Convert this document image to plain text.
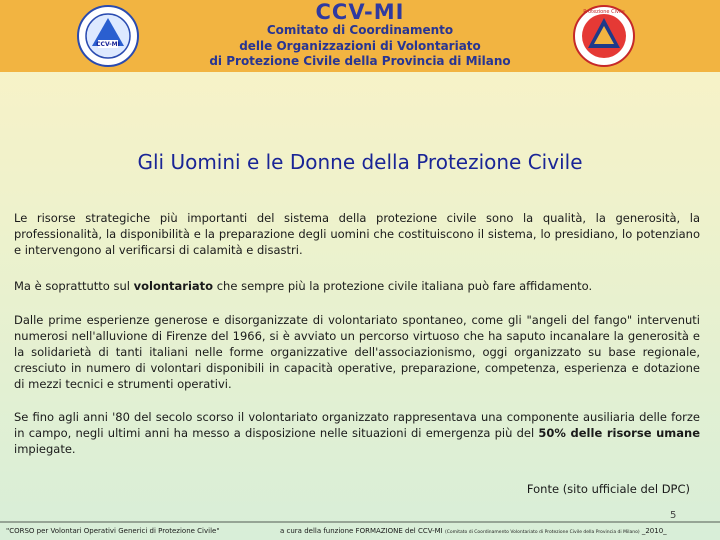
CCV-MI
CCV-MI
Comitato di Coordinamento
delle Organizzazioni di Volontariato
di Protezione Civile della Provincia di Milano
Protezione Civile
Gli Uomini e le Donne della Protezione Civile

Le risorse strategiche più importanti del sistema della protezione civile sono la qualità, la generosità, la professionalità, la disponibilità e la preparazione degli uomini che costituiscono il sistema, lo presidiano, lo potenziano e intervengono al verificarsi di calamità e disastri.

Ma è soprattutto sul volontariato che sempre più la protezione civile italiana può fare affidamento.

Dalle prime esperienze generose e disorganizzate di volontariato spontaneo, come gli "angeli del fango" intervenuti numerosi nell'alluvione di Firenze del 1966, si è avviato un percorso virtuoso che ha saputo incanalare la generosità e la solidarietà di tanti italiani nelle forme organizzative dell'associazionismo, oggi organizzato su base regionale, cresciuto in numero di volontari disponibili in capacità operative, preparazione, competenza, esperienza e dotazione di mezzi tecnici e strumenti operativi.

Se fino agli anni '80 del secolo scorso il volontariato organizzato rappresentava una componente ausiliaria delle forze in campo, negli ultimi anni ha messo a disposizione nelle situazioni di emergenza più del 50% delle risorse umane impiegate.

Fonte (sito ufficiale del DPC)
5
"CORSO per Volontari Operativi Generici di Protezione Civile"	a cura della funzione FORMAZIONE del CCV-MI (Comitato di Coordinamento Volontariato di Protezione Civile della Provincia di Milano) _2010_
